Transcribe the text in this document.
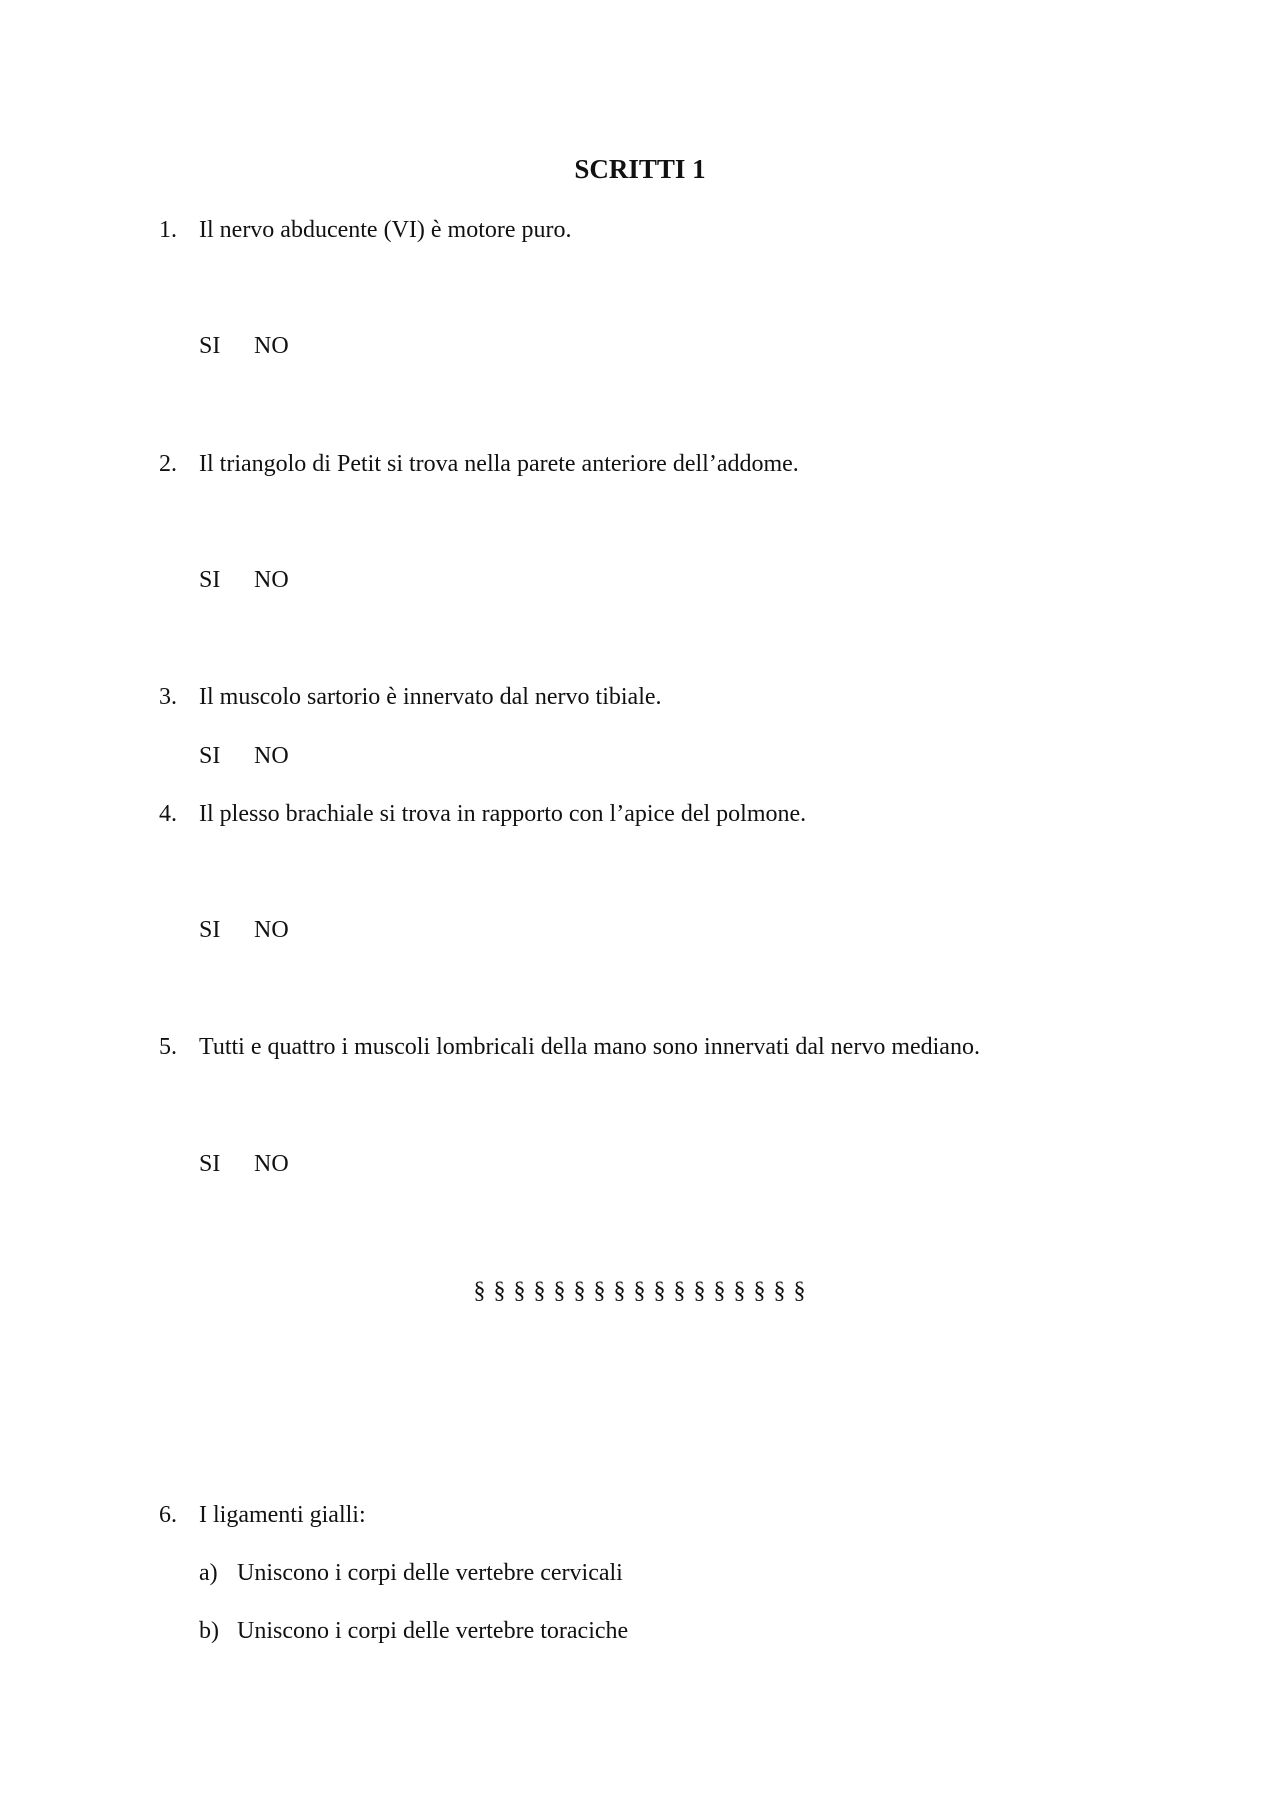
SCRITTI 1
1. Il nervo abducente (VI) è motore puro.
SI NO
2. Il triangolo di Petit si trova nella parete anteriore dell’addome.
SI NO
3. Il muscolo sartorio è innervato dal nervo tibiale.
SI NO
4. Il plesso brachiale si trova in rapporto con l’apice del polmone.
SI NO
5. Tutti e quattro i muscoli lombricali della mano sono innervati dal nervo mediano.
SI NO
§ § § § § § § § § § § § § § § § §
6. I ligamenti gialli:
a) Uniscono i corpi delle vertebre cervicali
b) Uniscono i corpi delle vertebre toraciche
